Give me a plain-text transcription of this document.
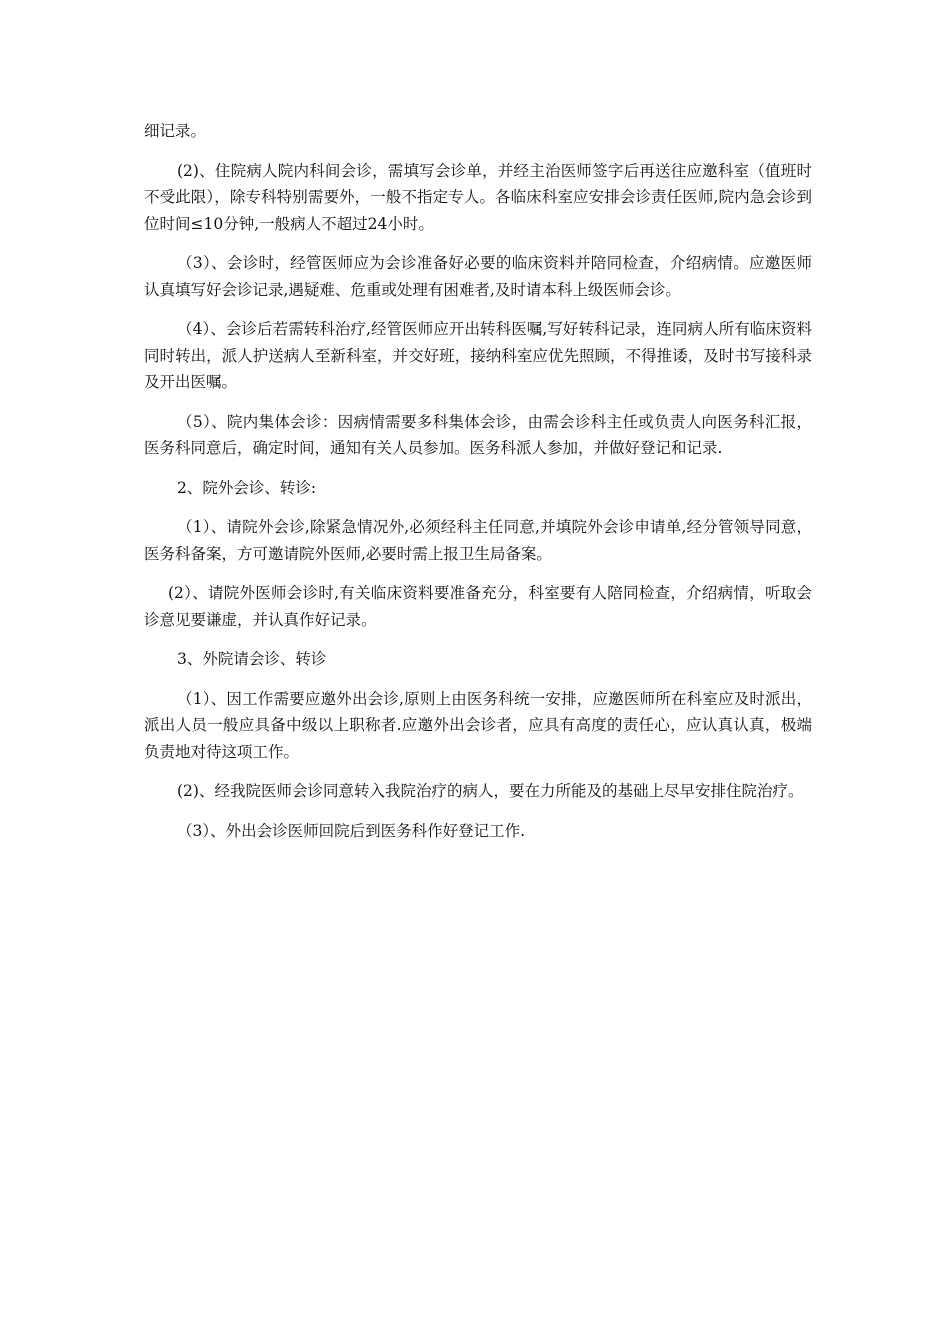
细记录。

(2)、住院病人院内科间会诊，需填写会诊单，并经主治医师签字后再送往应邀科室（值班时不受此限），除专科特别需要外，一般不指定专人。各临床科室应安排会诊责任医师,院内急会诊到位时间≤10分钟,一般病人不超过24小时。

（3）、会诊时，经管医师应为会诊准备好必要的临床资料并陪同检查，介绍病情。应邀医师认真填写好会诊记录,遇疑难、危重或处理有困难者,及时请本科上级医师会诊。

（4）、会诊后若需转科治疗,经管医师应开出转科医嘱,写好转科记录，连同病人所有临床资料同时转出，派人护送病人至新科室，并交好班，接纳科室应优先照顾，不得推诿，及时书写接科录及开出医嘱。

（5）、院内集体会诊：因病情需要多科集体会诊，由需会诊科主任或负责人向医务科汇报，医务科同意后，确定时间，通知有关人员参加。医务科派人参加，并做好登记和记录.

2、院外会诊、转诊:

（1）、请院外会诊,除紧急情况外,必须经科主任同意,并填院外会诊申请单,经分管领导同意，医务科备案，方可邀请院外医师,必要时需上报卫生局备案。

(2）、请院外医师会诊时,有关临床资料要准备充分，科室要有人陪同检查，介绍病情，听取会诊意见要谦虚，并认真作好记录。

3、外院请会诊、转诊

（1）、因工作需要应邀外出会诊,原则上由医务科统一安排，应邀医师所在科室应及时派出，派出人员一般应具备中级以上职称者.应邀外出会诊者，应具有高度的责任心，应认真认真，极端负责地对待这项工作。

(2)、经我院医师会诊同意转入我院治疗的病人，要在力所能及的基础上尽早安排住院治疗。

（3）、外出会诊医师回院后到医务科作好登记工作.
